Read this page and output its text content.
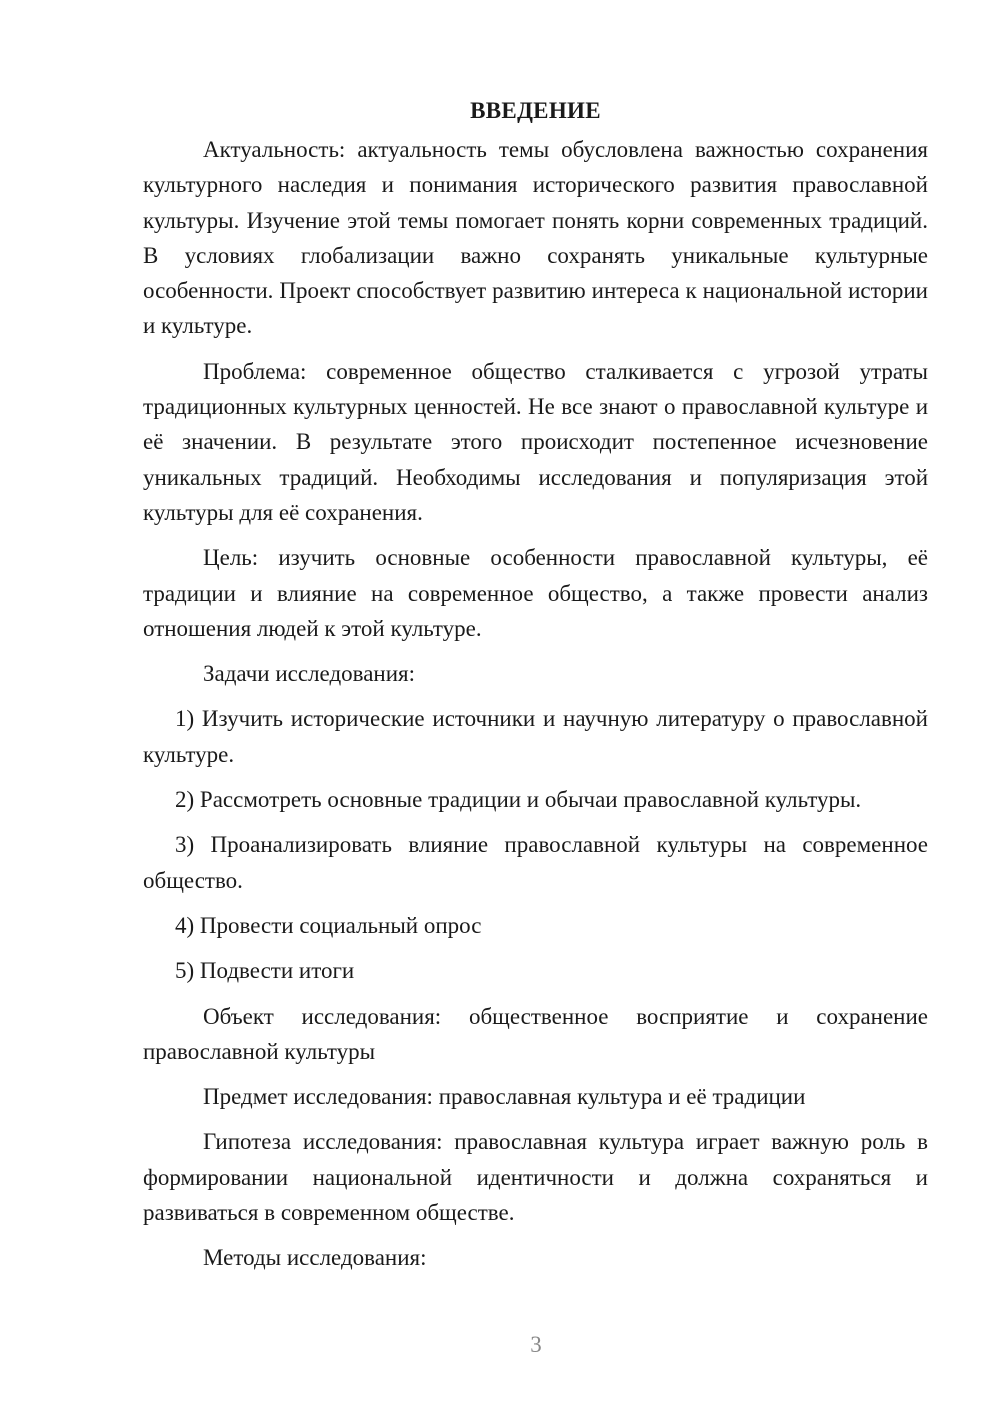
ВВЕДЕНИЕ

Актуальность: актуальность темы обусловлена важностью сохранения культурного наследия и понимания исторического развития православной культуры. Изучение этой темы помогает понять корни современных традиций. В условиях глобализации важно сохранять уникальные культурные особенности. Проект способствует развитию интереса к национальной истории и культуре.

Проблема: современное общество сталкивается с угрозой утраты традиционных культурных ценностей. Не все знают о православной культуре и её значении. В результате этого происходит постепенное исчезновение уникальных традиций. Необходимы исследования и популяризация этой культуры для её сохранения.

Цель: изучить основные особенности православной культуры, её традиции и влияние на современное общество, а также провести анализ отношения людей к этой культуре.

Задачи исследования:

1) Изучить исторические источники и научную литературу о православной культуре.

2) Рассмотреть основные традиции и обычаи православной культуры.

3) Проанализировать влияние православной культуры на современное общество.

4) Провести социальный опрос

5) Подвести итоги

Объект исследования: общественное восприятие и сохранение православной культуры

Предмет исследования: православная культура и её традиции

Гипотеза исследования: православная культура играет важную роль в формировании национальной идентичности и должна сохраняться и развиваться в современном обществе.

Методы исследования:

3
